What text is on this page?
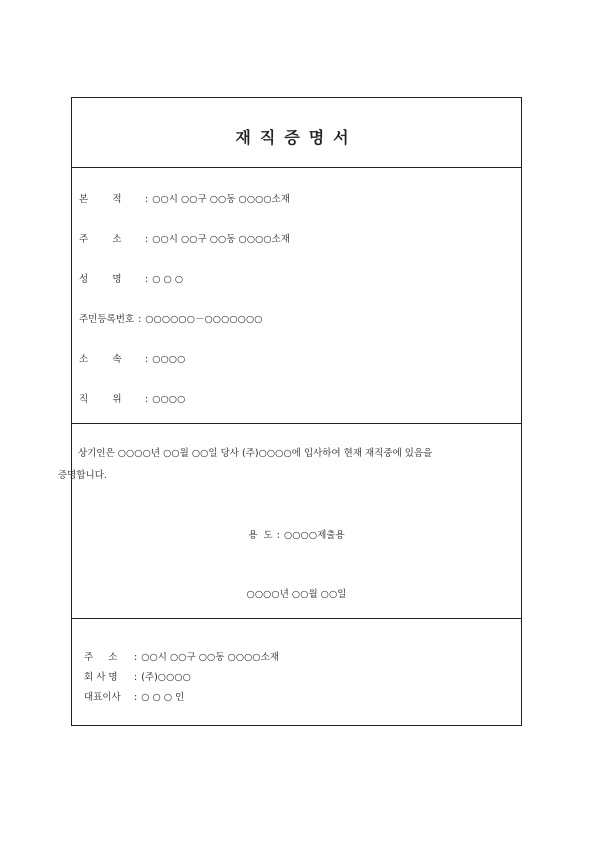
재직증명서
본        적 : ○○시 ○○구 ○○동 ○○○○소재
주        소 : ○○시 ○○구 ○○동 ○○○○소재
성        명 : ○ ○ ○
주민등록번호 : ○○○○○○－○○○○○○○
소        속 : ○○○○
직        위 : ○○○○
상기인은 ○○○○년 ○○월 ○○일 당사 (주)○○○○에 입사하여 현재 재직중에 있음을
증명합니다.
용  도 : ○○○○제출용
○○○○년 ○○월 ○○일
주     소 : ○○시 ○○구 ○○동 ○○○○소재
회 사 명 : (주)○○○○
대표이사 : ○ ○ ○ 인
